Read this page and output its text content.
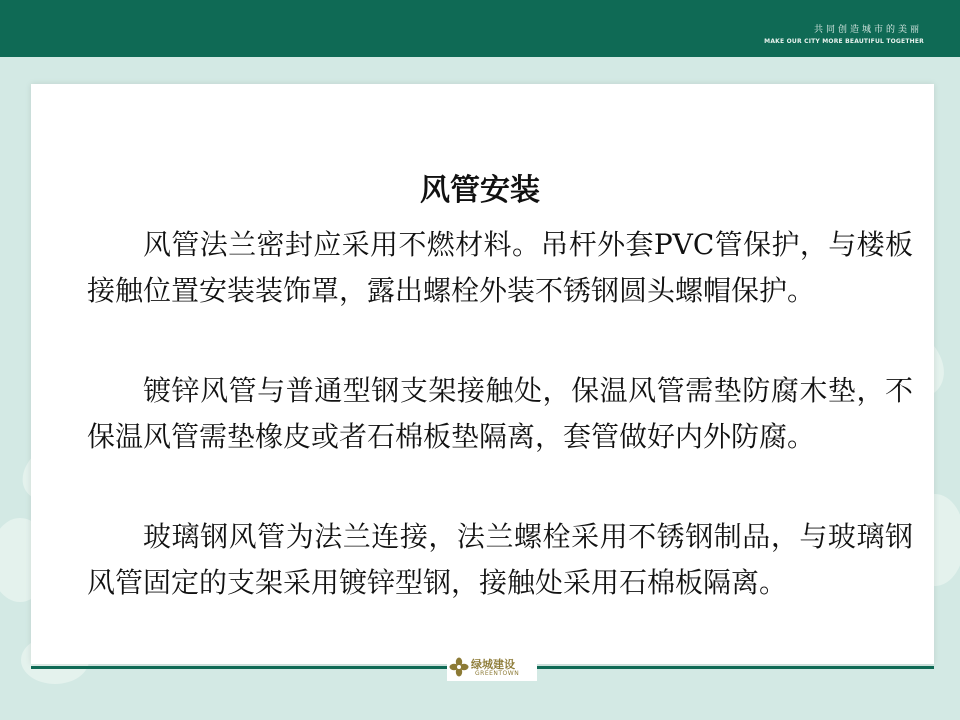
共同创造城市的美丽
MAKE OUR CITY MORE BEAUTIFUL TOGETHER
风管安装

风管法兰密封应采用不燃材料。吊杆外套PVC管保护，与楼板接触位置安装装饰罩，露出螺栓外装不锈钢圆头螺帽保护。

镀锌风管与普通型钢支架接触处，保温风管需垫防腐木垫，不保温风管需垫橡皮或者石棉板垫隔离，套管做好内外防腐。

玻璃钢风管为法兰连接，法兰螺栓采用不锈钢制品，与玻璃钢风管固定的支架采用镀锌型钢，接触处采用石棉板隔离。

绿城建设
GREENTOWN
